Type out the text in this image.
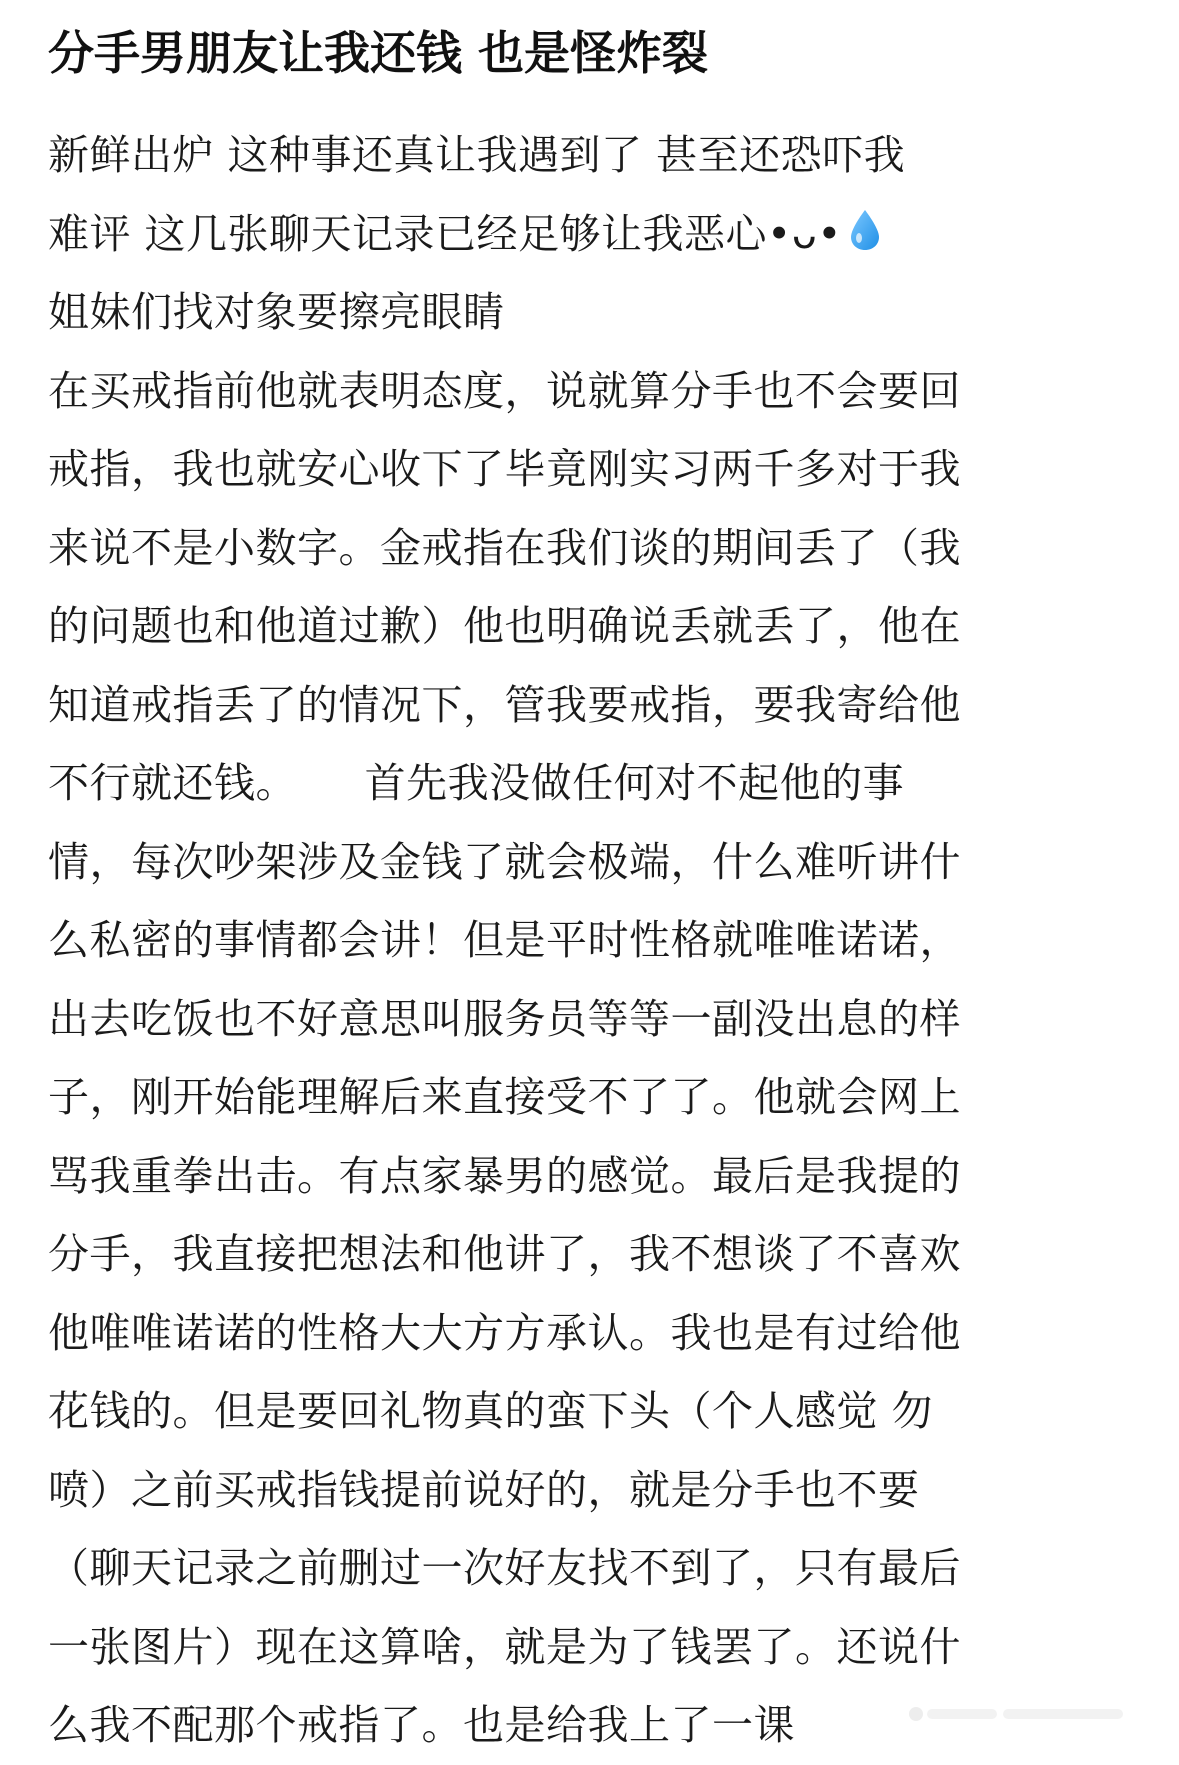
分手男朋友让我还钱 也是怪炸裂
新鲜出炉 这种事还真让我遇到了 甚至还恐吓我
难评 这几张聊天记录已经足够让我恶心•ᴗ•
姐妹们找对象要擦亮眼睛
在买戒指前他就表明态度，说就算分手也不会要回
戒指，我也就安心收下了毕竟刚实习两千多对于我
来说不是小数字。金戒指在我们谈的期间丢了（我
的问题也和他道过歉）他也明确说丢就丢了，他在
知道戒指丢了的情况下，管我要戒指，要我寄给他
不行就还钱。     首先我没做任何对不起他的事
情，每次吵架涉及金钱了就会极端，什么难听讲什
么私密的事情都会讲！但是平时性格就唯唯诺诺，
出去吃饭也不好意思叫服务员等等一副没出息的样
子，刚开始能理解后来直接受不了了。他就会网上
骂我重拳出击。有点家暴男的感觉。最后是我提的
分手，我直接把想法和他讲了，我不想谈了不喜欢
他唯唯诺诺的性格大大方方承认。我也是有过给他
花钱的。但是要回礼物真的蛮下头（个人感觉 勿
喷）之前买戒指钱提前说好的，就是分手也不要
（聊天记录之前删过一次好友找不到了，只有最后
一张图片）现在这算啥，就是为了钱罢了。还说什
么我不配那个戒指了。也是给我上了一课
